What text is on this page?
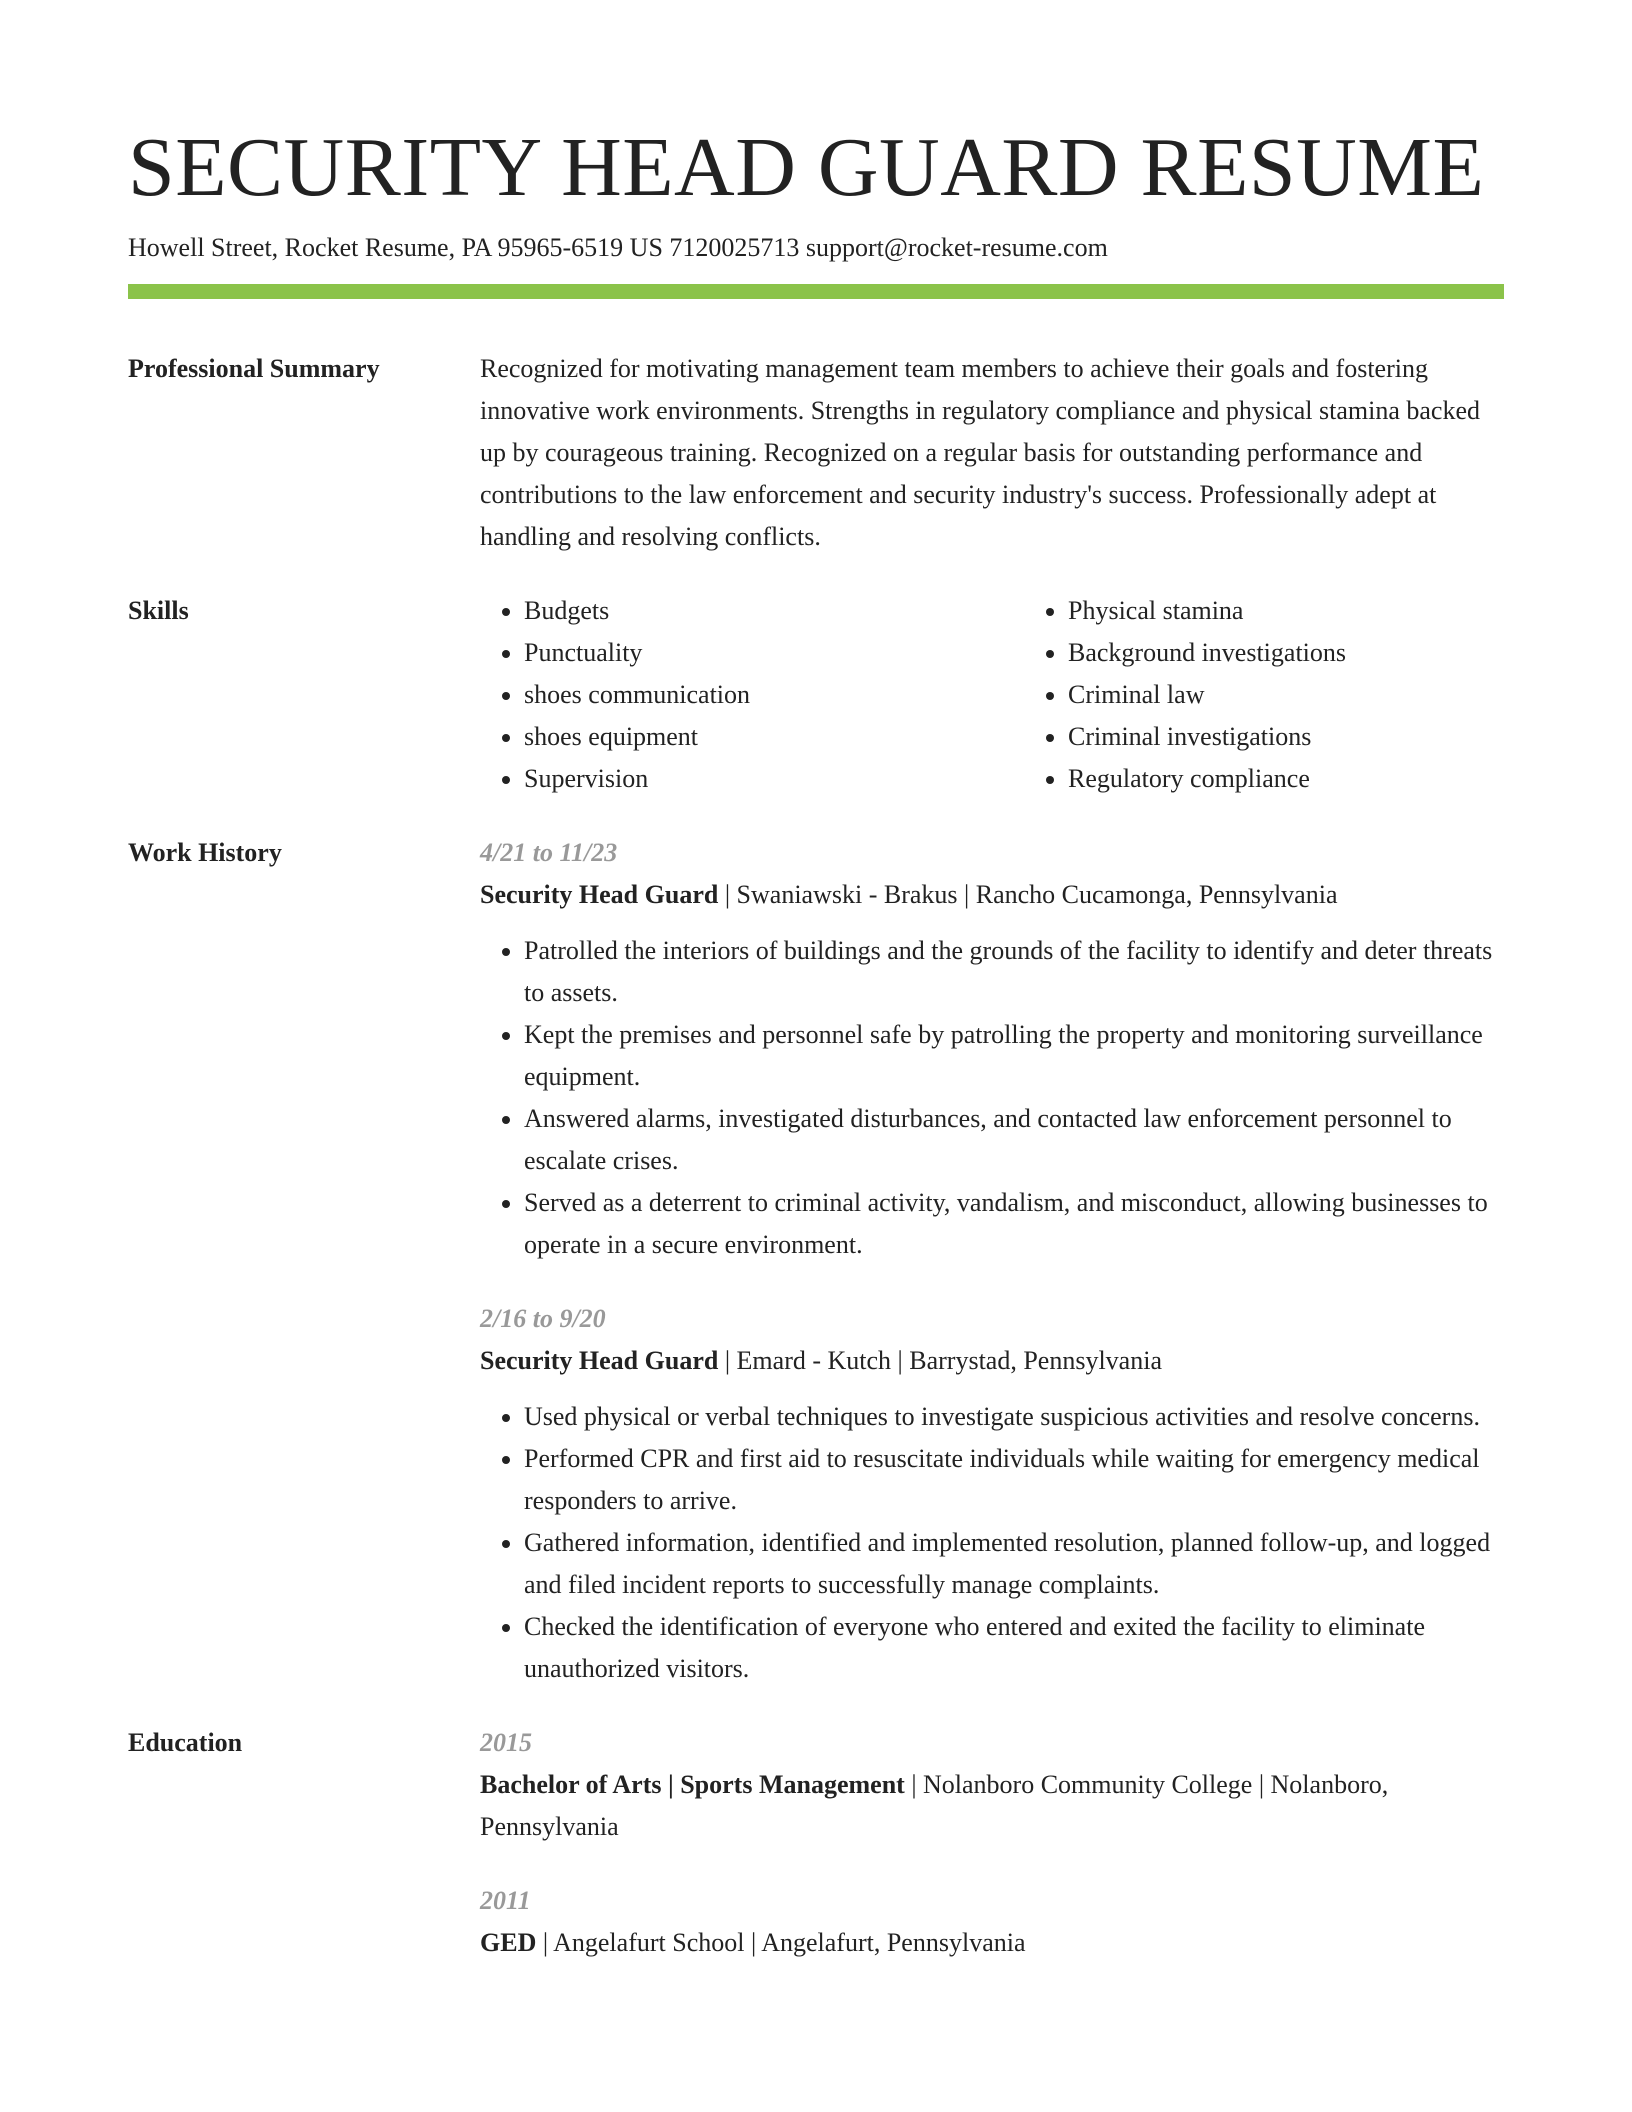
SECURITY HEAD GUARD RESUME
Howell Street, Rocket Resume, PA 95965-6519 US 7120025713 support@rocket-resume.com
Professional Summary	Recognized for motivating management team members to achieve their goals and fostering innovative work environments. Strengths in regulatory compliance and physical stamina backed up by courageous training. Recognized on a regular basis for outstanding performance and contributions to the law enforcement and security industry's success. Professionally adept at handling and resolving conflicts.

Skills
•	Budgets
• Punctuality
• shoes communication
• shoes equipment
• Supervision
• Physical stamina
• Background investigations
• Criminal law
• Criminal investigations
• Regulatory compliance
Work History	4/21 to 11/23
Security Head Guard | Swaniawski - Brakus | Rancho Cucamonga, Pennsylvania
• Patrolled the interiors of buildings and the grounds of the facility to identify and deter threats to assets.
• Kept the premises and personnel safe by patrolling the property and monitoring surveillance equipment.
• Answered alarms, investigated disturbances, and contacted law enforcement personnel to escalate crises.
• Served as a deterrent to criminal activity, vandalism, and misconduct, allowing businesses to operate in a secure environment.
2/16 to 9/20
Security Head Guard | Emard - Kutch | Barrystad, Pennsylvania
• Used physical or verbal techniques to investigate suspicious activities and resolve concerns.
• Performed CPR and first aid to resuscitate individuals while waiting for emergency medical responders to arrive.
• Gathered information, identified and implemented resolution, planned follow-up, and logged and filed incident reports to successfully manage complaints.
• Checked the identification of everyone who entered and exited the facility to eliminate unauthorized visitors.
Education	2015
Bachelor of Arts | Sports Management | Nolanboro Community College | Nolanboro, Pennsylvania
2011
GED | Angelafurt School | Angelafurt, Pennsylvania
